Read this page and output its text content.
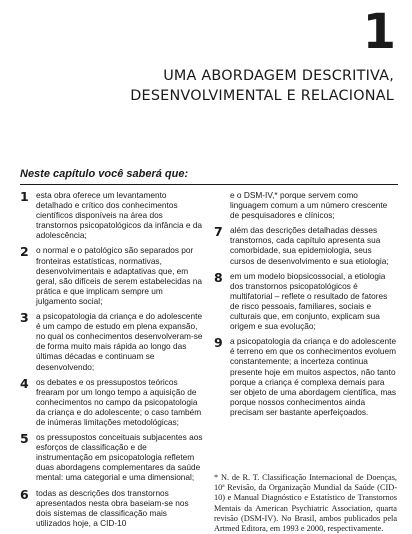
1
UMA ABORDAGEM DESCRITIVA,
DESENVOLVIMENTAL E RELACIONAL
Neste capítulo você saberá que:
1 esta obra oferece um levantamento detalhado e crítico dos conhecimentos científicos disponíveis na área dos transtornos psicopatológicos da infância e da adolescência;
2 o normal e o patológico são separados por fronteiras estatísticas, normativas, desenvolvimentais e adaptativas que, em geral, são difíceis de serem estabelecidas na prática e que implicam sempre um julgamento social;
3 a psicopatologia da criança e do adolescente é um campo de estudo em plena expansão, no qual os conhecimentos desenvolveram-se de forma muito mais rápida ao longo das últimas décadas e continuam se desenvolvendo;
4 os debates e os pressupostos teóricos frearam por um longo tempo a aquisição de conhecimentos no campo da psicopatologia da criança e do adolescente; o caso também de inúmeras limitações metodológicas;
5 os pressupostos conceituais subjacentes aos esforços de classificação e de instrumentação em psicopatologia refletem duas abordagens complementares da saúde mental: uma categorial e uma dimensional;
6 todas as descrições dos transtornos apresentados nesta obra baseiam-se nos dois sistemas de classificação mais utilizados hoje, a CID-10
e o DSM-IV,* porque servem como linguagem comum a um número crescente de pesquisadores e clínicos;
7 além das descrições detalhadas desses transtornos, cada capítulo apresenta sua comorbidade, sua epidemiologia, seus cursos de desenvolvimento e sua etiologia;
8 em um modelo biopsicossocial, a etiologia dos transtornos psicopatológicos é multifatorial – reflete o resultado de fatores de risco pessoais, familiares, sociais e culturais que, em conjunto, explicam sua origem e sua evolução;
9 a psicopatologia da criança e do adolescente é terreno em que os conhecimentos evoluem constantemente; a incerteza continua presente hoje em muitos aspectos, não tanto porque a criança é complexa demais para ser objeto de uma abordagem científica, mas porque nossos conhecimentos ainda precisam ser bastante aperfeiçoados.
* N. de R. T. Classificação Internacional de Doenças, 10ª Revisão, da Organização Mundial da Saúde (CID-10) e Manual Diagnóstico e Estatístico de Transtornos Mentais da American Psychiatric Association, quarta revisão (DSM-IV). No Brasil, ambos publicados pela Artmed Editora, em 1993 e 2000, respectivamente.
